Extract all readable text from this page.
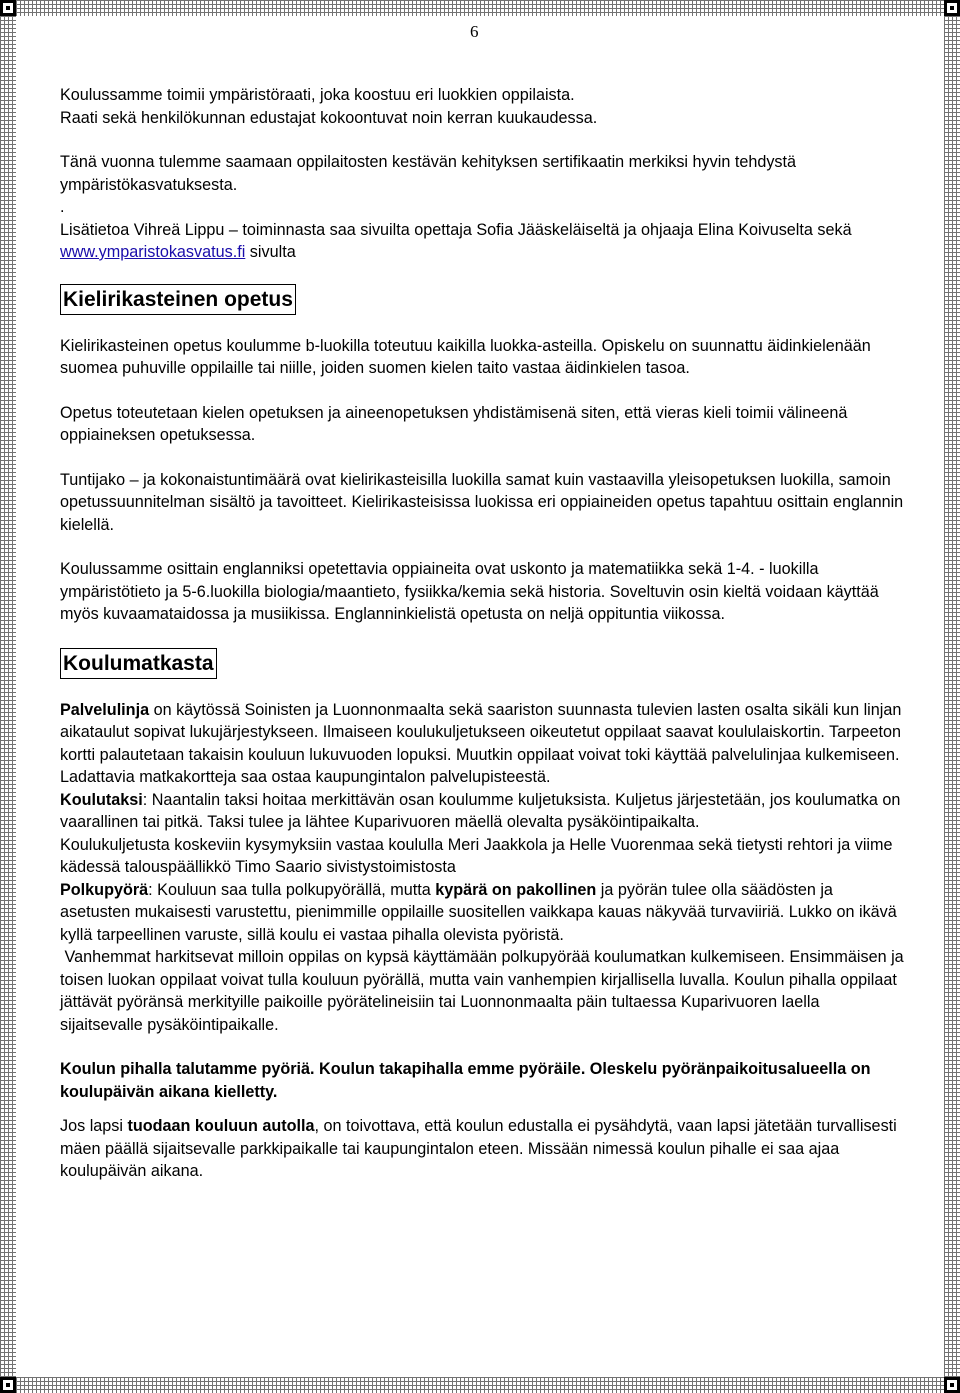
6

Koulussamme toimii ympäristöraati, joka koostuu eri luokkien oppilaista.
Raati sekä henkilökunnan edustajat kokoontuvat noin kerran kuukaudessa.

Tänä vuonna tulemme saamaan oppilaitosten kestävän kehityksen sertifikaatin merkiksi hyvin tehdystä ympäristökasvatuksesta.

.
Lisätietoa Vihreä Lippu – toiminnasta saa sivuilta opettaja Sofia Jääskeläiseltä ja ohjaaja Elina Koivuselta sekä www.ymparistokasvatus.fi sivulta

Kielirikasteinen opetus

Kielirikasteinen opetus koulumme b-luokilla toteutuu kaikilla luokka-asteilla. Opiskelu on suunnattu äidinkielenään suomea puhuville oppilaille tai niille, joiden suomen kielen taito vastaa äidinkielen tasoa.

Opetus toteutetaan kielen opetuksen ja aineenopetuksen yhdistämisenä siten, että vieras kieli toimii välineenä oppiaineksen opetuksessa.

Tuntijako – ja kokonaistuntimäärä ovat kielirikasteisilla luokilla samat kuin vastaavilla yleisopetuksen luokilla, samoin opetussuunnitelman sisältö ja tavoitteet. Kielirikasteisissa luokissa eri oppiaineiden opetus tapahtuu osittain englannin kielellä.

Koulussamme osittain englanniksi opetettavia oppiaineita ovat uskonto ja matematiikka sekä 1-4. - luokilla ympäristötieto ja 5-6.luokilla biologia/maantieto, fysiikka/kemia sekä historia. Soveltuvin osin kieltä voidaan käyttää myös kuvaamataidossa ja musiikissa. Englanninkielistä opetusta on neljä oppituntia viikossa.

Koulumatkasta

Palvelulinja on käytössä Soinisten ja Luonnonmaalta sekä saariston suunnasta tulevien lasten osalta sikäli kun linjan aikataulut sopivat lukujärjestykseen. Ilmaiseen koulukuljetukseen oikeutetut oppilaat saavat koululaiskortin. Tarpeeton kortti palautetaan takaisin kouluun lukuvuoden lopuksi. Muutkin oppilaat voivat toki käyttää palvelulinjaa kulkemiseen. Ladattavia matkakortteja saa ostaa kaupungintalon palvelupisteestä.

Koulutaksi: Naantalin taksi hoitaa merkittävän osan koulumme kuljetuksista. Kuljetus järjestetään, jos koulumatka on vaarallinen tai pitkä. Taksi tulee ja lähtee Kuparivuoren mäellä olevalta pysäköintipaikalta.

Koulukuljetusta koskeviin kysymyksiin vastaa koululla Meri Jaakkola ja Helle Vuorenmaa sekä tietysti rehtori ja viime kädessä talouspäällikkö Timo Saario sivistystoimistosta

Polkupyörä: Kouluun saa tulla polkupyörällä, mutta kypärä on pakollinen ja pyörän tulee olla säädösten ja asetusten mukaisesti varustettu, pienimmille oppilaille suositellen vaikkapa kauas näkyvää turvaviiriä. Lukko on ikävä kyllä tarpeellinen varuste, sillä koulu ei vastaa pihalla olevista pyöristä.

Vanhemmat harkitsevat milloin oppilas on kypsä käyttämään polkupyörää koulumatkan kulkemiseen. Ensimmäisen ja toisen luokan oppilaat voivat tulla kouluun pyörällä, mutta vain vanhempien kirjallisella luvalla. Koulun pihalla oppilaat jättävät pyöränsä merkityille paikoille pyörätelineisiin tai Luonnonmaalta päin tultaessa Kuparivuoren laella sijaitsevalle pysäköintipaikalle.

Koulun pihalla talutamme pyöriä. Koulun takapihalla emme pyöräile. Oleskelu pyöränpaikoitusalueella on koulupäivän aikana kielletty.

Jos lapsi tuodaan kouluun autolla, on toivottava, että koulun edustalla ei pysähdytä, vaan lapsi jätetään turvallisesti mäen päällä sijaitsevalle parkkipaikalle tai kaupungintalon eteen. Missään nimessä koulun pihalle ei saa ajaa koulupäivän aikana.
